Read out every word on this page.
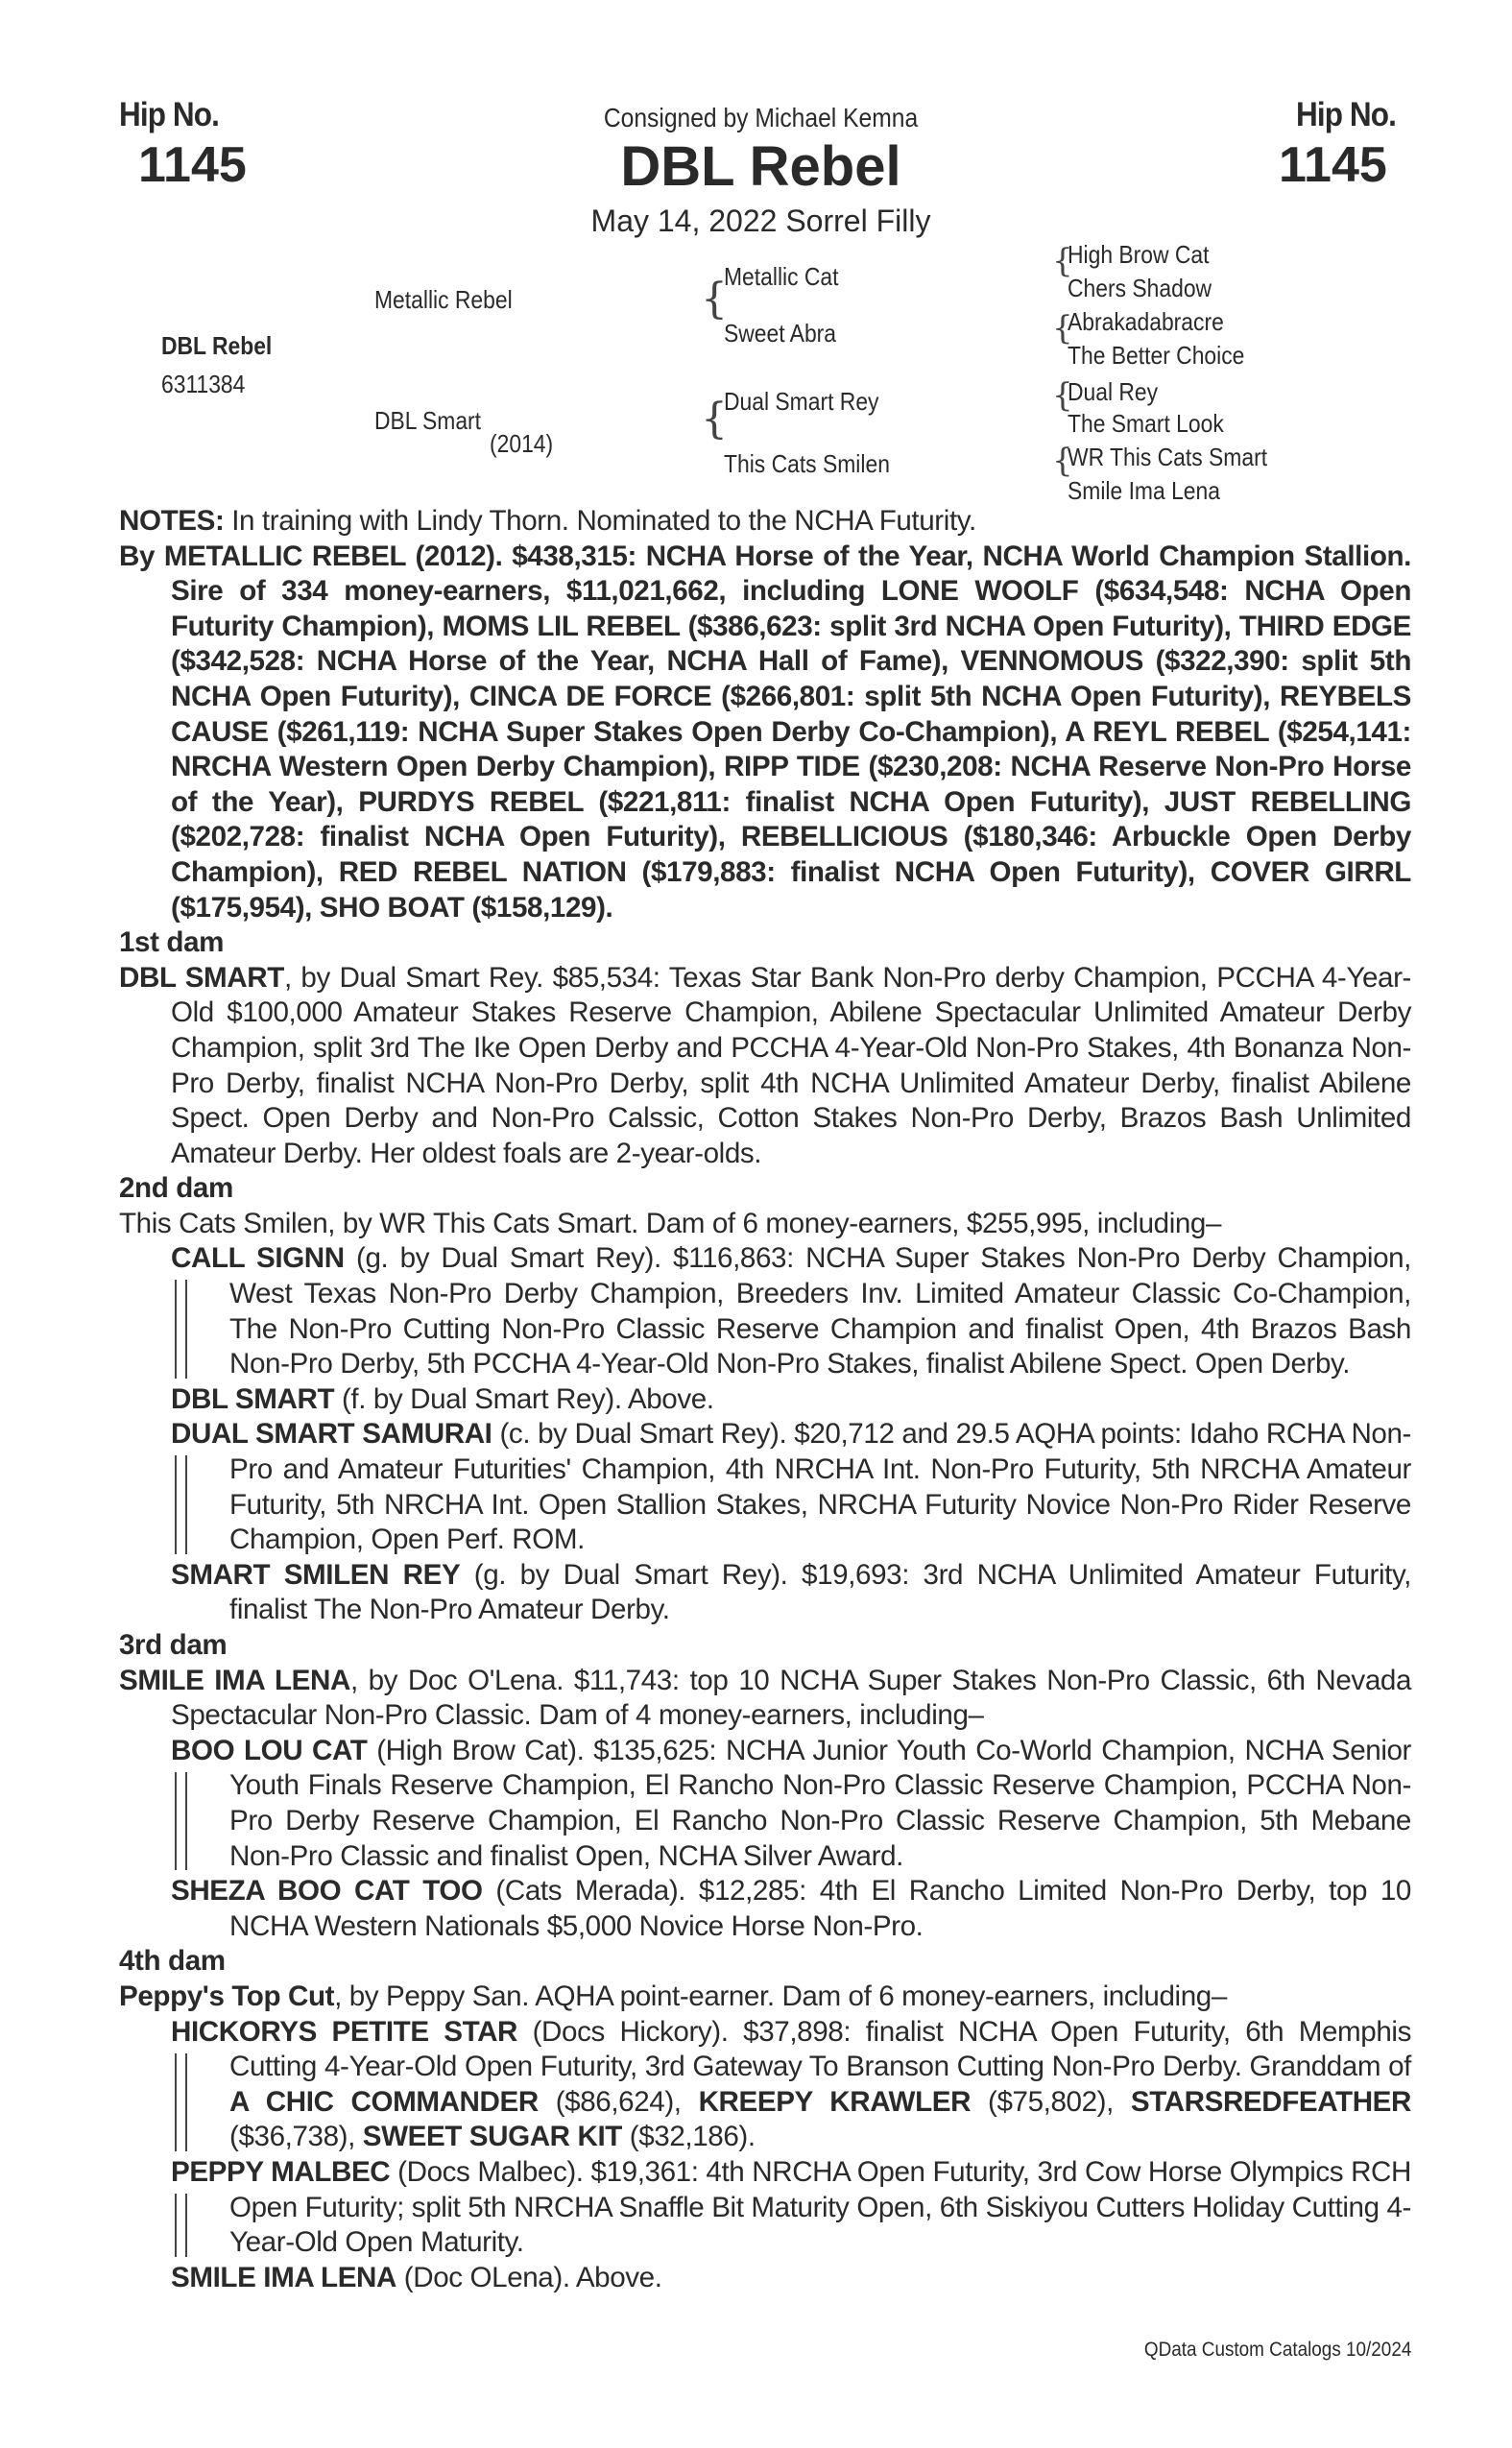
Hip No.
1145
Hip No.
1145
Consigned by Michael Kemna
DBL Rebel
May 14, 2022 Sorrel Filly
DBL Rebel
6311384
Metallic Rebel
DBL Smart
(2014)
{
{
Metallic Cat
Sweet Abra
Dual Smart Rey
This Cats Smilen
{
{
{
{
High Brow Cat
Chers Shadow
Abrakadabracre
The Better Choice
Dual Rey
The Smart Look
WR This Cats Smart
Smile Ima Lena
NOTES: In training with Lindy Thorn. Nominated to the NCHA Futurity.
By METALLIC REBEL (2012). $438,315: NCHA Horse of the Year, NCHA World Champion Stallion. Sire of 334 money-earners, $11,021,662, including LONE WOOLF ($634,548: NCHA Open Futurity Champion), MOMS LIL REBEL ($386,623: split 3rd NCHA Open Futurity), THIRD EDGE ($342,528: NCHA Horse of the Year, NCHA Hall of Fame), VENNOMOUS ($322,390: split 5th NCHA Open Futurity), CINCA DE FORCE ($266,801: split 5th NCHA Open Futurity), REYBELS CAUSE ($261,119: NCHA Super Stakes Open Derby Co-Champion), A REYL REBEL ($254,141: NRCHA Western Open Derby Champion), RIPP TIDE ($230,208: NCHA Reserve Non-Pro Horse of the Year), PURDYS REBEL ($221,811: finalist NCHA Open Futurity), JUST REBELLING ($202,728: finalist NCHA Open Futurity), REBELLICIOUS ($180,346: Arbuckle Open Derby Champion), RED REBEL NATION ($179,883: finalist NCHA Open Futurity), COVER GIRRL ($175,954), SHO BOAT ($158,129).
1st dam
DBL SMART, by Dual Smart Rey. $85,534: Texas Star Bank Non-Pro derby Champion, PCCHA 4-Year-Old $100,000 Amateur Stakes Reserve Champion, Abilene Spectacular Unlimited Amateur Derby Champion, split 3rd The Ike Open Derby and PCCHA 4-Year-Old Non-Pro Stakes, 4th Bonanza Non-Pro Derby, finalist NCHA Non-Pro Derby, split 4th NCHA Unlimited Amateur Derby, finalist Abilene Spect. Open Derby and Non-Pro Calssic, Cotton Stakes Non-Pro Derby, Brazos Bash Unlimited Amateur Derby. Her oldest foals are 2-year-olds.
2nd dam
This Cats Smilen, by WR This Cats Smart. Dam of 6 money-earners, $255,995, including–
CALL SIGNN (g. by Dual Smart Rey). $116,863: NCHA Super Stakes Non-Pro Derby Champion, West Texas Non-Pro Derby Champion, Breeders Inv. Limited Amateur Classic Co-Champion, The Non-Pro Cutting Non-Pro Classic Reserve Champion and finalist Open, 4th Brazos Bash Non-Pro Derby, 5th PCCHA 4-Year-Old Non-Pro Stakes, finalist Abilene Spect. Open Derby.
DBL SMART (f. by Dual Smart Rey). Above.
DUAL SMART SAMURAI (c. by Dual Smart Rey). $20,712 and 29.5 AQHA points: Idaho RCHA Non-Pro and Amateur Futurities' Champion, 4th NRCHA Int. Non-Pro Futurity, 5th NRCHA Amateur Futurity, 5th NRCHA Int. Open Stallion Stakes, NRCHA Futurity Novice Non-Pro Rider Reserve Champion, Open Perf. ROM.
SMART SMILEN REY (g. by Dual Smart Rey). $19,693: 3rd NCHA Unlimited Amateur Futurity, finalist The Non-Pro Amateur Derby.
3rd dam
SMILE IMA LENA, by Doc O'Lena. $11,743: top 10 NCHA Super Stakes Non-Pro Classic, 6th Nevada Spectacular Non-Pro Classic. Dam of 4 money-earners, including–
BOO LOU CAT (High Brow Cat). $135,625: NCHA Junior Youth Co-World Champion, NCHA Senior Youth Finals Reserve Champion, El Rancho Non-Pro Classic Reserve Champion, PCCHA Non-Pro Derby Reserve Champion, El Rancho Non-Pro Classic Reserve Champion, 5th Mebane Non-Pro Classic and finalist Open, NCHA Silver Award.
SHEZA BOO CAT TOO (Cats Merada). $12,285: 4th El Rancho Limited Non-Pro Derby, top 10 NCHA Western Nationals $5,000 Novice Horse Non-Pro.
4th dam
Peppy's Top Cut, by Peppy San. AQHA point-earner. Dam of 6 money-earners, including–
HICKORYS PETITE STAR (Docs Hickory). $37,898: finalist NCHA Open Futurity, 6th Memphis Cutting 4-Year-Old Open Futurity, 3rd Gateway To Branson Cutting Non-Pro Derby. Granddam of A CHIC COMMANDER ($86,624), KREEPY KRAWLER ($75,802), STARSREDFEATHER ($36,738), SWEET SUGAR KIT ($32,186).
PEPPY MALBEC (Docs Malbec). $19,361: 4th NRCHA Open Futurity, 3rd Cow Horse Olympics RCH Open Futurity; split 5th NRCHA Snaffle Bit Maturity Open, 6th Siskiyou Cutters Holiday Cutting 4-Year-Old Open Maturity.
SMILE IMA LENA (Doc OLena). Above.
QData Custom Catalogs 10/2024
